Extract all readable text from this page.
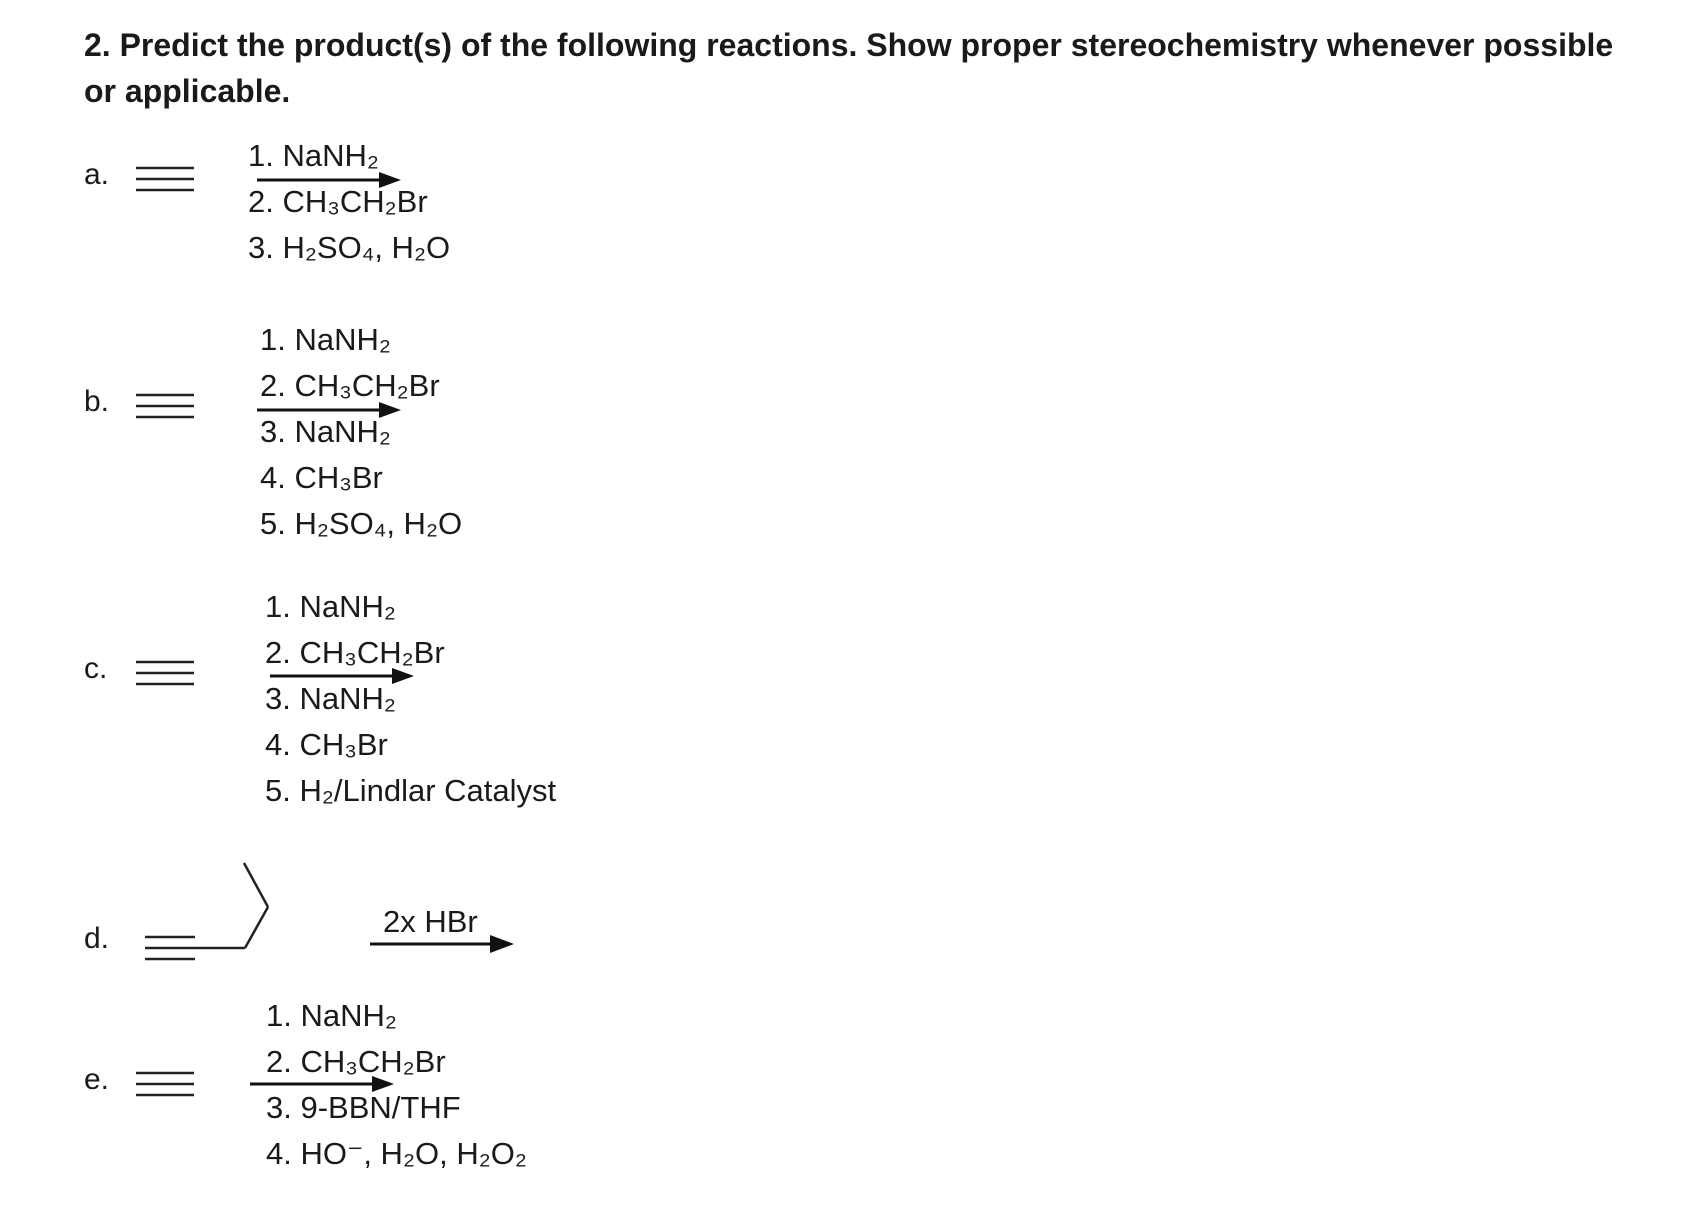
2. Predict the product(s) of the following reactions. Show proper stereochemistry whenever possible or applicable.

a.
1. NaNH₂
2. CH₃CH₂Br
3. H₂SO₄, H₂O
b.
1. NaNH₂
2. CH₃CH₂Br
3. NaNH₂
4. CH₃Br
5. H₂SO₄, H₂O
c.
1. NaNH₂
2. CH₃CH₂Br
3. NaNH₂
4. CH₃Br
5. H₂/Lindlar Catalyst
d.	2x HBr
e.
1. NaNH₂
2. CH₃CH₂Br
3. 9-BBN/THF
4. HO⁻, H₂O, H₂O₂
